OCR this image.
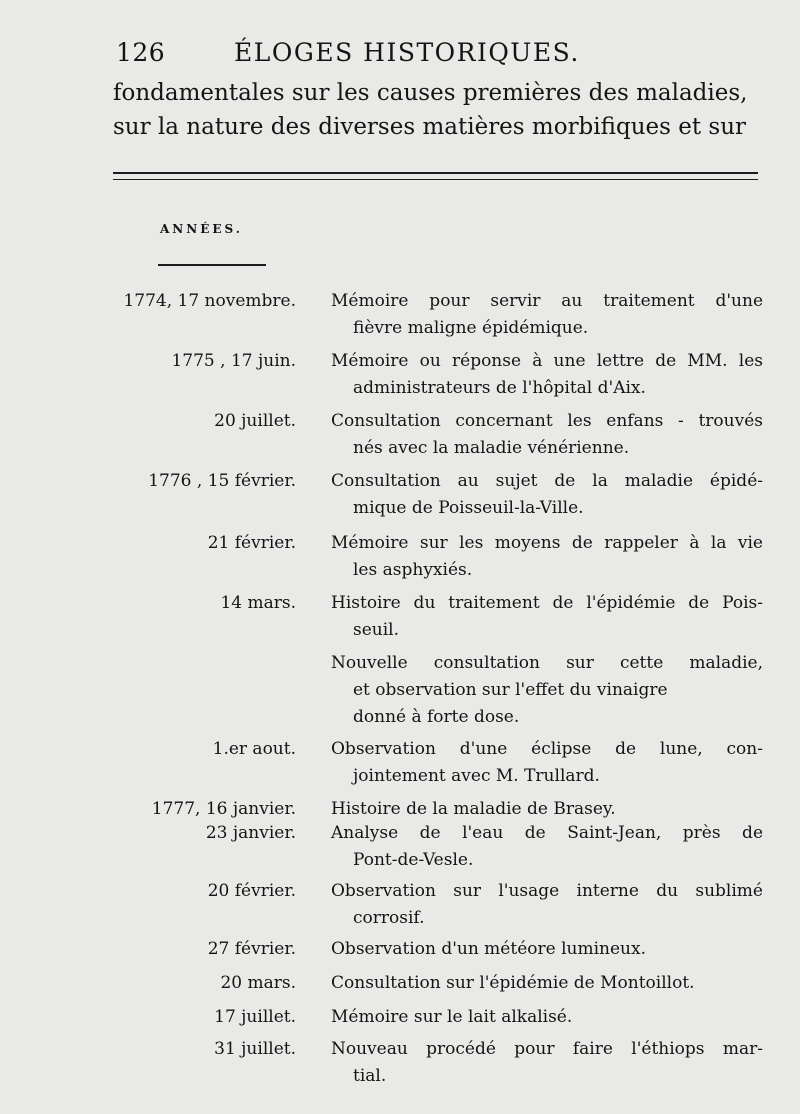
126	ÉLOGES HISTORIQUES.
fondamentales sur les causes premières des maladies,
sur la nature des diverses matières morbifiques et sur
ANNÉES.
1774, 17 novembre. Mémoire pour servir au traitement d'une
fièvre maligne épidémique.
1775 , 17 juin. Mémoire ou réponse à une lettre de MM. les
administrateurs de l'hôpital d'Aix.
20 juillet. Consultation concernant les enfans - trouvés
nés avec la maladie vénérienne.
1776 , 15 février. Consultation au sujet de la maladie épidé-
mique de Poisseuil-la-Ville.
21 février. Mémoire sur les moyens de rappeler à la vie
les asphyxiés.
14 mars. Histoire du traitement de l'épidémie de Pois-
seuil.
Nouvelle consultation sur cette maladie,
et observation sur l'effet du vinaigre
donné à forte dose.
1.er aout. Observation d'une éclipse de lune, con-
jointement avec M. Trullard.
1777, 16 janvier. Histoire de la maladie de Brasey.
23 janvier. Analyse de l'eau de Saint-Jean, près de
Pont-de-Vesle.
20 février. Observation sur l'usage interne du sublimé
corrosif.
27 février. Observation d'un météore lumineux.
20 mars. Consultation sur l'épidémie de Montoillot.
17 juillet. Mémoire sur le lait alkalisé.
31 juillet. Nouveau procédé pour faire l'éthiops mar-
tial.
